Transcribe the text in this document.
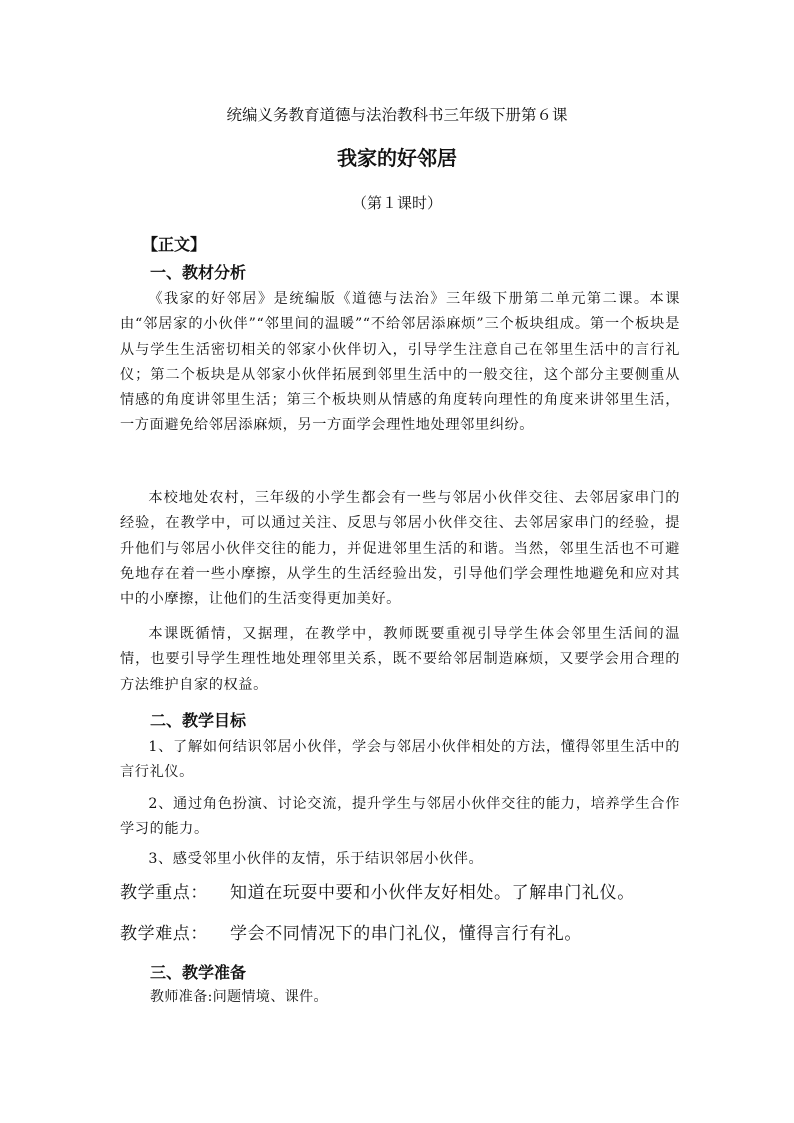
统编义务教育道德与法治教科书三年级下册第６课
我家的好邻居
（第１课时）
【正文】
一、教材分析
《我家的好邻居》是统编版《道德与法治》三年级下册第二单元第二课。本课由“邻居家的小伙伴”“邻里间的温暖”“不给邻居添麻烦”三个板块组成。第一个板块是从与学生生活密切相关的邻家小伙伴切入，引导学生注意自己在邻里生活中的言行礼仪；第二个板块是从邻家小伙伴拓展到邻里生活中的一般交往，这个部分主要侧重从情感的角度讲邻里生活；第三个板块则从情感的角度转向理性的角度来讲邻里生活，一方面避免给邻居添麻烦，另一方面学会理性地处理邻里纠纷。
本校地处农村，三年级的小学生都会有一些与邻居小伙伴交往、去邻居家串门的经验，在教学中，可以通过关注、反思与邻居小伙伴交往、去邻居家串门的经验，提升他们与邻居小伙伴交往的能力，并促进邻里生活的和谐。当然，邻里生活也不可避免地存在着一些小摩擦，从学生的生活经验出发，引导他们学会理性地避免和应对其中的小摩擦，让他们的生活变得更加美好。
本课既循情，又据理，在教学中，教师既要重视引导学生体会邻里生活间的温情，也要引导学生理性地处理邻里关系，既不要给邻居制造麻烦，又要学会用合理的方法维护自家的权益。
二、教学目标
1、了解如何结识邻居小伙伴，学会与邻居小伙伴相处的方法，懂得邻里生活中的言行礼仪。
2、通过角色扮演、讨论交流，提升学生与邻居小伙伴交往的能力，培养学生合作学习的能力。
3、感受邻里小伙伴的友情，乐于结识邻居小伙伴。
教学重点： 知道在玩耍中要和小伙伴友好相处。了解串门礼仪。
教学难点： 学会不同情况下的串门礼仪，懂得言行有礼。
三、教学准备
教师准备:问题情境、课件。
